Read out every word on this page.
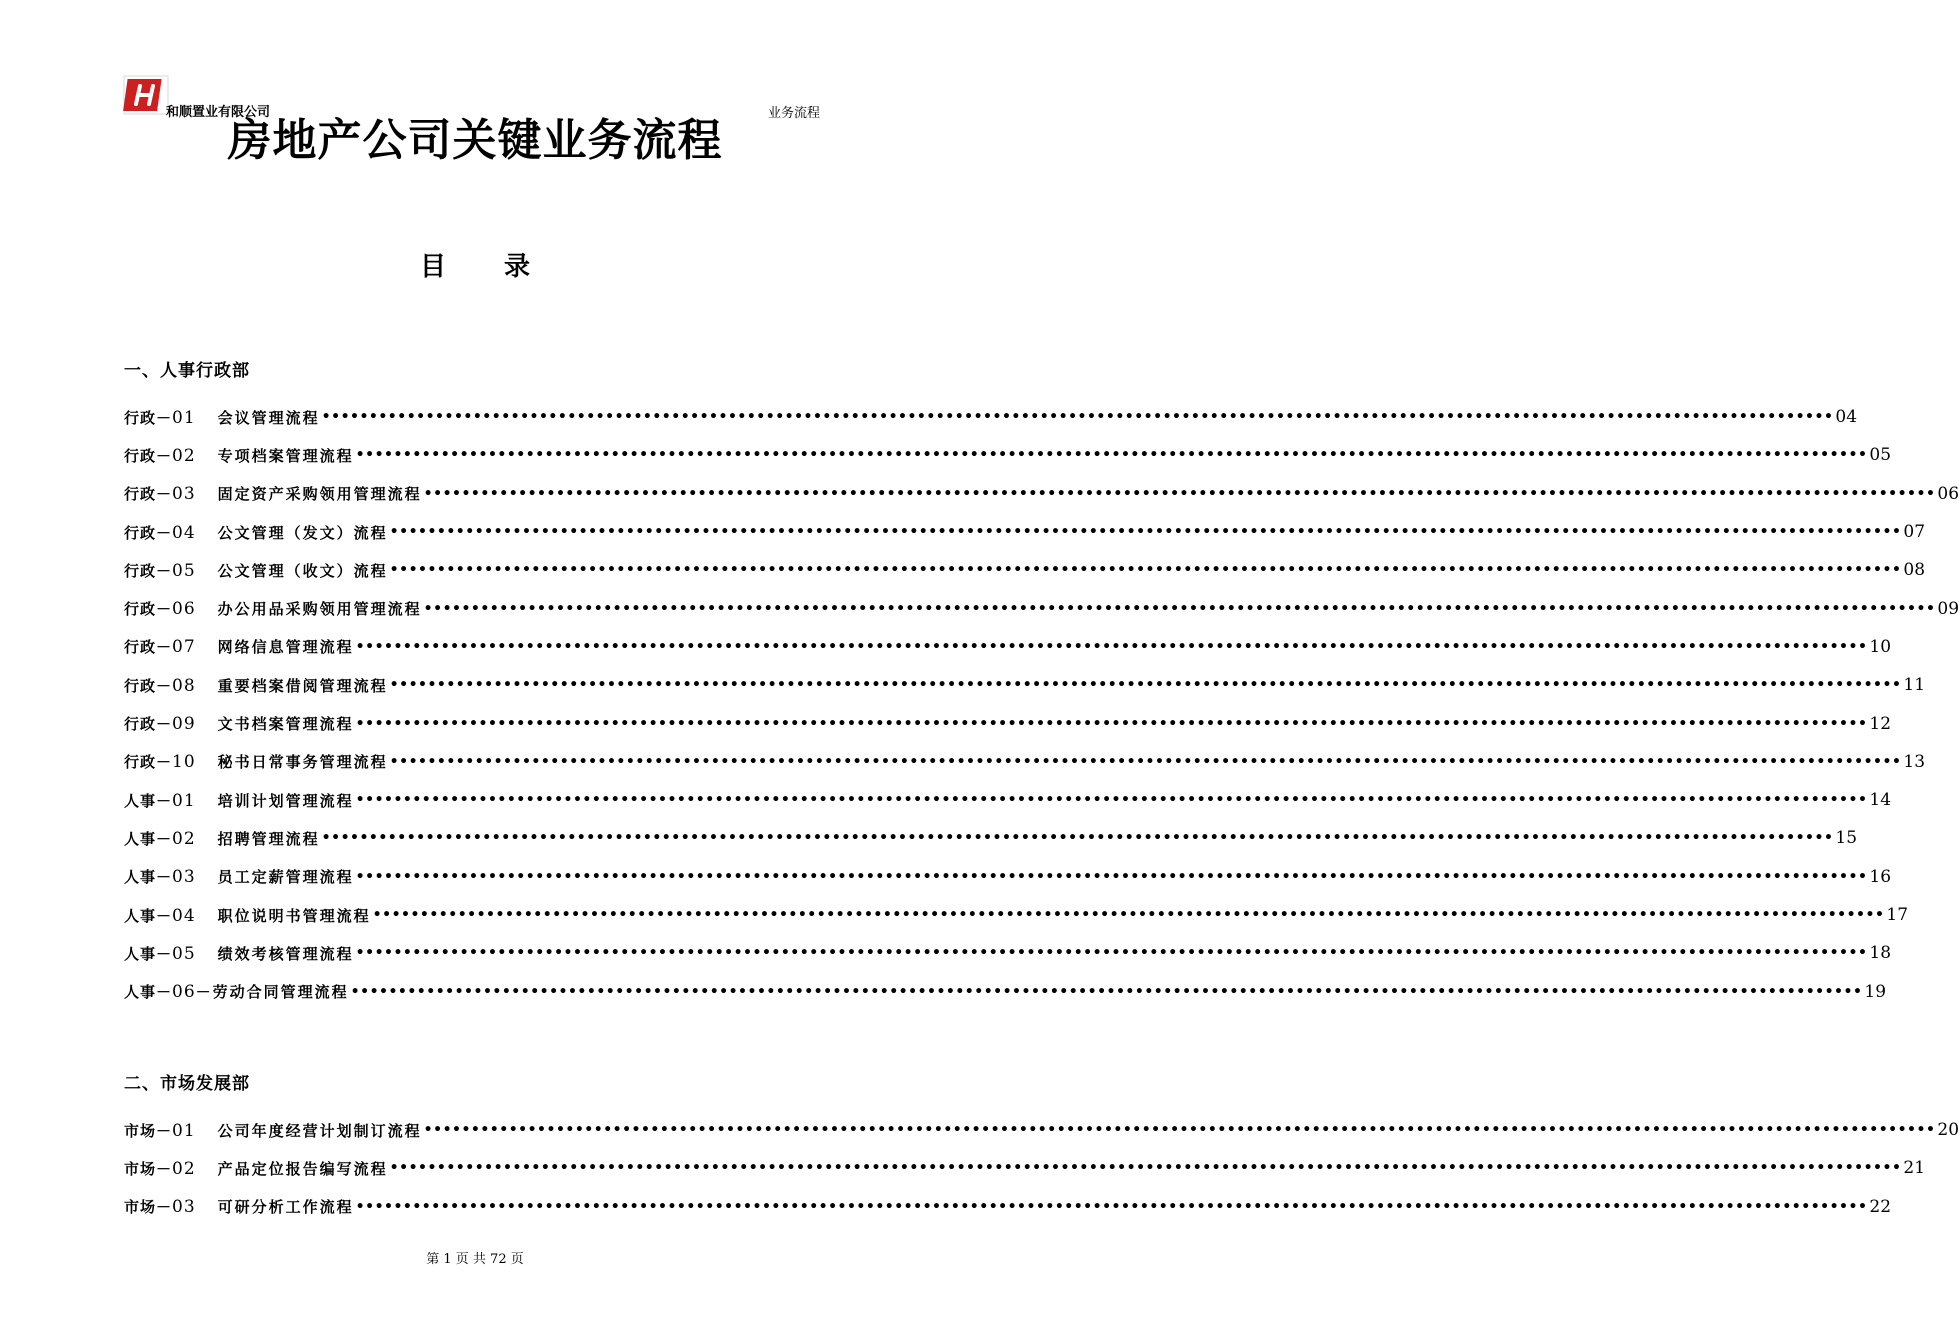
和顺置业有限公司	业务流程
房地产公司关键业务流程
目 录
一、人事行政部
行政－01 会议管理流程 •••••••••••••••••••••••••••••••••••••••••••••••••••••••••••••••••••••••••••••••••••••••••••••••••••••••••••••••••••••••••••••••••••••••••••••••••••••••••••••••• 04
行政－02 专项档案管理流程 •••••••••••••••••••••••••••••••••••••••••••••••••••••••••••••••••••••••••••••••••••••••••••••••••••••••••••••••••••••••••••••••••••••••••••••••••••••••••••••••• 05
行政－03 固定资产采购领用管理流程 •••••••••••••••••••••••••••••••••••••••••••••••••••••••••••••••••••••••••••••••••••••••••••••••••••••••••••••••••••••••••••••••••••••••••••••••••••••••••••••••• 06
行政－04 公文管理（发文）流程 •••••••••••••••••••••••••••••••••••••••••••••••••••••••••••••••••••••••••••••••••••••••••••••••••••••••••••••••••••••••••••••••••••••••••••••••••••••••••••••••• 07
行政－05 公文管理（收文）流程 •••••••••••••••••••••••••••••••••••••••••••••••••••••••••••••••••••••••••••••••••••••••••••••••••••••••••••••••••••••••••••••••••••••••••••••••••••••••••••••••• 08
行政－06 办公用品采购领用管理流程 •••••••••••••••••••••••••••••••••••••••••••••••••••••••••••••••••••••••••••••••••••••••••••••••••••••••••••••••••••••••••••••••••••••••••••••••••••••••••••••••• 09
行政－07 网络信息管理流程 •••••••••••••••••••••••••••••••••••••••••••••••••••••••••••••••••••••••••••••••••••••••••••••••••••••••••••••••••••••••••••••••••••••••••••••••••••••••••••••••• 10
行政－08 重要档案借阅管理流程 •••••••••••••••••••••••••••••••••••••••••••••••••••••••••••••••••••••••••••••••••••••••••••••••••••••••••••••••••••••••••••••••••••••••••••••••••••••••••••••••• 11
行政－09 文书档案管理流程 •••••••••••••••••••••••••••••••••••••••••••••••••••••••••••••••••••••••••••••••••••••••••••••••••••••••••••••••••••••••••••••••••••••••••••••••••••••••••••••••• 12
行政－10 秘书日常事务管理流程 •••••••••••••••••••••••••••••••••••••••••••••••••••••••••••••••••••••••••••••••••••••••••••••••••••••••••••••••••••••••••••••••••••••••••••••••••••••••••••••••• 13
人事－01 培训计划管理流程 •••••••••••••••••••••••••••••••••••••••••••••••••••••••••••••••••••••••••••••••••••••••••••••••••••••••••••••••••••••••••••••••••••••••••••••••••••••••••••••••• 14
人事－02 招聘管理流程 •••••••••••••••••••••••••••••••••••••••••••••••••••••••••••••••••••••••••••••••••••••••••••••••••••••••••••••••••••••••••••••••••••••••••••••••••••••••••••••••• 15
人事－03 员工定薪管理流程 •••••••••••••••••••••••••••••••••••••••••••••••••••••••••••••••••••••••••••••••••••••••••••••••••••••••••••••••••••••••••••••••••••••••••••••••••••••••••••••••• 16
人事－04 职位说明书管理流程 •••••••••••••••••••••••••••••••••••••••••••••••••••••••••••••••••••••••••••••••••••••••••••••••••••••••••••••••••••••••••••••••••••••••••••••••••••••••••••••••• 17
人事－05 绩效考核管理流程 •••••••••••••••••••••••••••••••••••••••••••••••••••••••••••••••••••••••••••••••••••••••••••••••••••••••••••••••••••••••••••••••••••••••••••••••••••••••••••••••• 18
人事－06 －劳动合同管理流程 •••••••••••••••••••••••••••••••••••••••••••••••••••••••••••••••••••••••••••••••••••••••••••••••••••••••••••••••••••••••••••••••••••••••••••••••••••••••••••••••• 19
二、市场发展部
市场－01 公司年度经营计划制订流程 •••••••••••••••••••••••••••••••••••••••••••••••••••••••••••••••••••••••••••••••••••••••••••••••••••••••••••••••••••••••••••••••••••••••••••••••••••••••••••••••• 20
市场－02 产品定位报告编写流程 •••••••••••••••••••••••••••••••••••••••••••••••••••••••••••••••••••••••••••••••••••••••••••••••••••••••••••••••••••••••••••••••••••••••••••••••••••••••••••••••• 21
市场－03 可研分析工作流程 •••••••••••••••••••••••••••••••••••••••••••••••••••••••••••••••••••••••••••••••••••••••••••••••••••••••••••••••••••••••••••••••••••••••••••••••••••••••••••••••• 22
第 1 页 共 72 页
